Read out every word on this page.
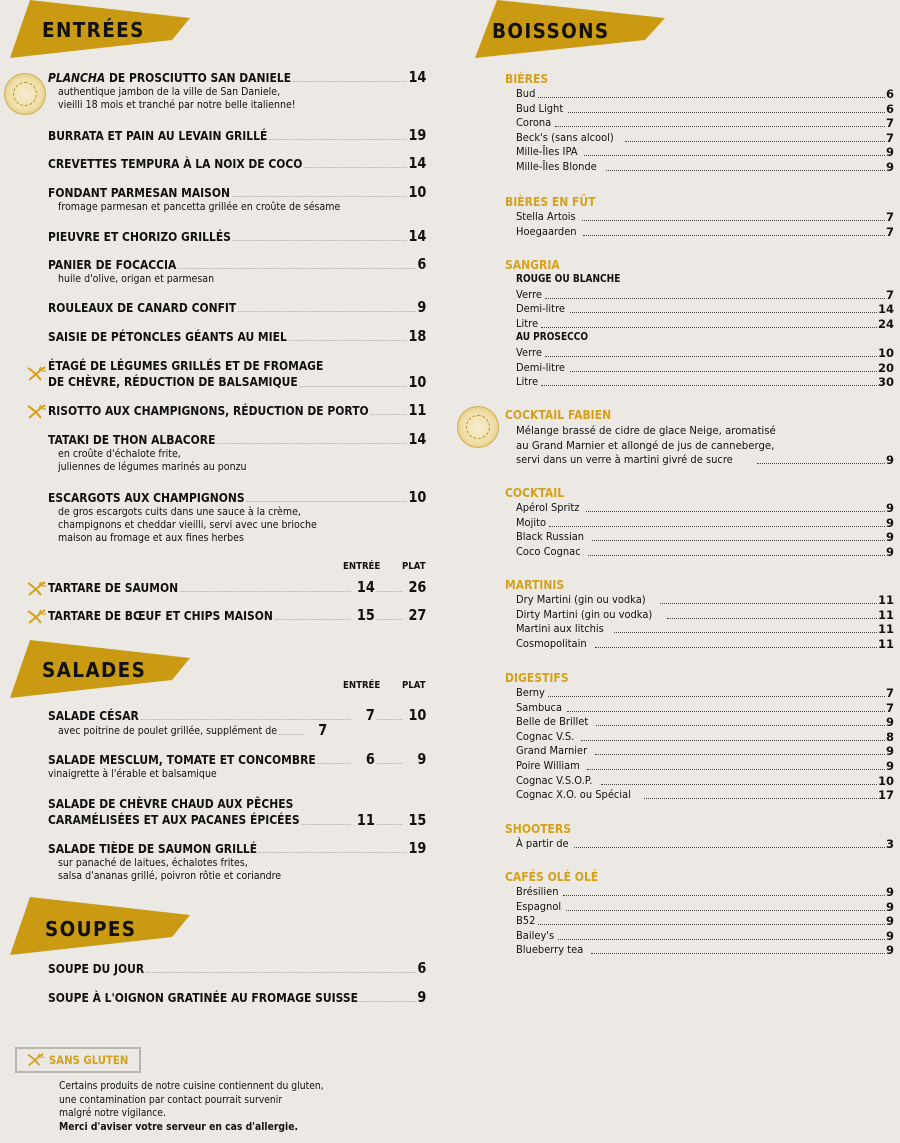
ENTRÉES
PLANCHA DE PROSCIUTTO SAN DANIELE	14
authentique jambon de la ville de San Daniele,
vieilli 18 mois et tranché par notre belle italienne!
BURRATA ET PAIN AU LEVAIN GRILLÉ	19
CREVETTES TEMPURA À LA NOIX DE COCO	14
FONDANT PARMESAN MAISON	10
fromage parmesan et pancetta grillée en croûte de sésame
PIEUVRE ET CHORIZO GRILLÉS	14
PANIER DE FOCACCIA	6
huile d'olive, origan et parmesan
ROULEAUX DE CANARD CONFIT	9
SAISIE DE PÉTONCLES GÉANTS AU MIEL	18
ÉTAGÉ DE LÉGUMES GRILLÉS ET DE FROMAGE
DE CHÈVRE, RÉDUCTION DE BALSAMIQUE	10
RISOTTO AUX CHAMPIGNONS, RÉDUCTION DE PORTO	11
TATAKI DE THON ALBACORE	14
en croûte d'échalote frite,
juliennes de légumes marinés au ponzu
ESCARGOTS AUX CHAMPIGNONS	10
de gros escargots cuits dans une sauce à la crème,
champignons et cheddar vieilli, servi avec une brioche
maison au fromage et aux fines herbes
ENTRÉE PLAT
TARTARE DE SAUMON	14 26
TARTARE DE BŒUF ET CHIPS MAISON	15 27
SALADES
ENTRÉE PLAT
SALADE CÉSAR	7 10
avec poitrine de poulet grillée, supplément de	7
SALADE MESCLUM, TOMATE ET CONCOMBRE	6	9
vinaigrette à l'érable et balsamique
SALADE DE CHÈVRE CHAUD AUX PÊCHES
CARAMÉLISÉES ET AUX PACANES ÉPICÉES	11 15
SALADE TIÈDE DE SAUMON GRILLÉ	19
sur panaché de laitues, échalotes frites,
salsa d'ananas grillé, poivron rôtie et coriandre
SOUPES
SOUPE DU JOUR	6
SOUPE À L'OIGNON GRATINÉE AU FROMAGE SUISSE	9
SANS GLUTEN
Certains produits de notre cuisine contiennent du gluten,
une contamination par contact pourrait survenir
malgré notre vigilance.
Merci d'aviser votre serveur en cas d'allergie.
BOISSONS
BIÈRES
Bud	6
Bud Light	6
Corona	7
Beck's (sans alcool)	7
Mille-Îles IPA	9
Mille-Îles Blonde	9
BIÈRES EN FÛT
Stella Artois	7
Hoegaarden	7
SANGRIA
ROUGE OU BLANCHE
Verre	7
Demi-litre	14
Litre	24
AU PROSECCO
Verre	10
Demi-litre	20
Litre	30
COCKTAIL FABIEN
Mélange brassé de cidre de glace Neige, aromatisé
au Grand Marnier et allongé de jus de canneberge,
servi dans un verre à martini givré de sucre	9
COCKTAIL
Apérol Spritz	9
Mojito	9
Black Russian	9
Coco Cognac	9
MARTINIS
Dry Martini (gin ou vodka)	11
Dirty Martini (gin ou vodka)	11
Martini aux litchis	11
Cosmopolitain	11
DIGESTIFS
Berny	7
Sambuca	7
Belle de Brillet	9
Cognac V.S.	8
Grand Marnier	9
Poire William	9
Cognac V.S.O.P.	10
Cognac X.O. ou Spécial	17
SHOOTERS
À partir de	3
CAFÉS OLÉ OLÉ
Brésilien	9
Espagnol	9
B52	9
Bailey's	9
Blueberry tea	9
